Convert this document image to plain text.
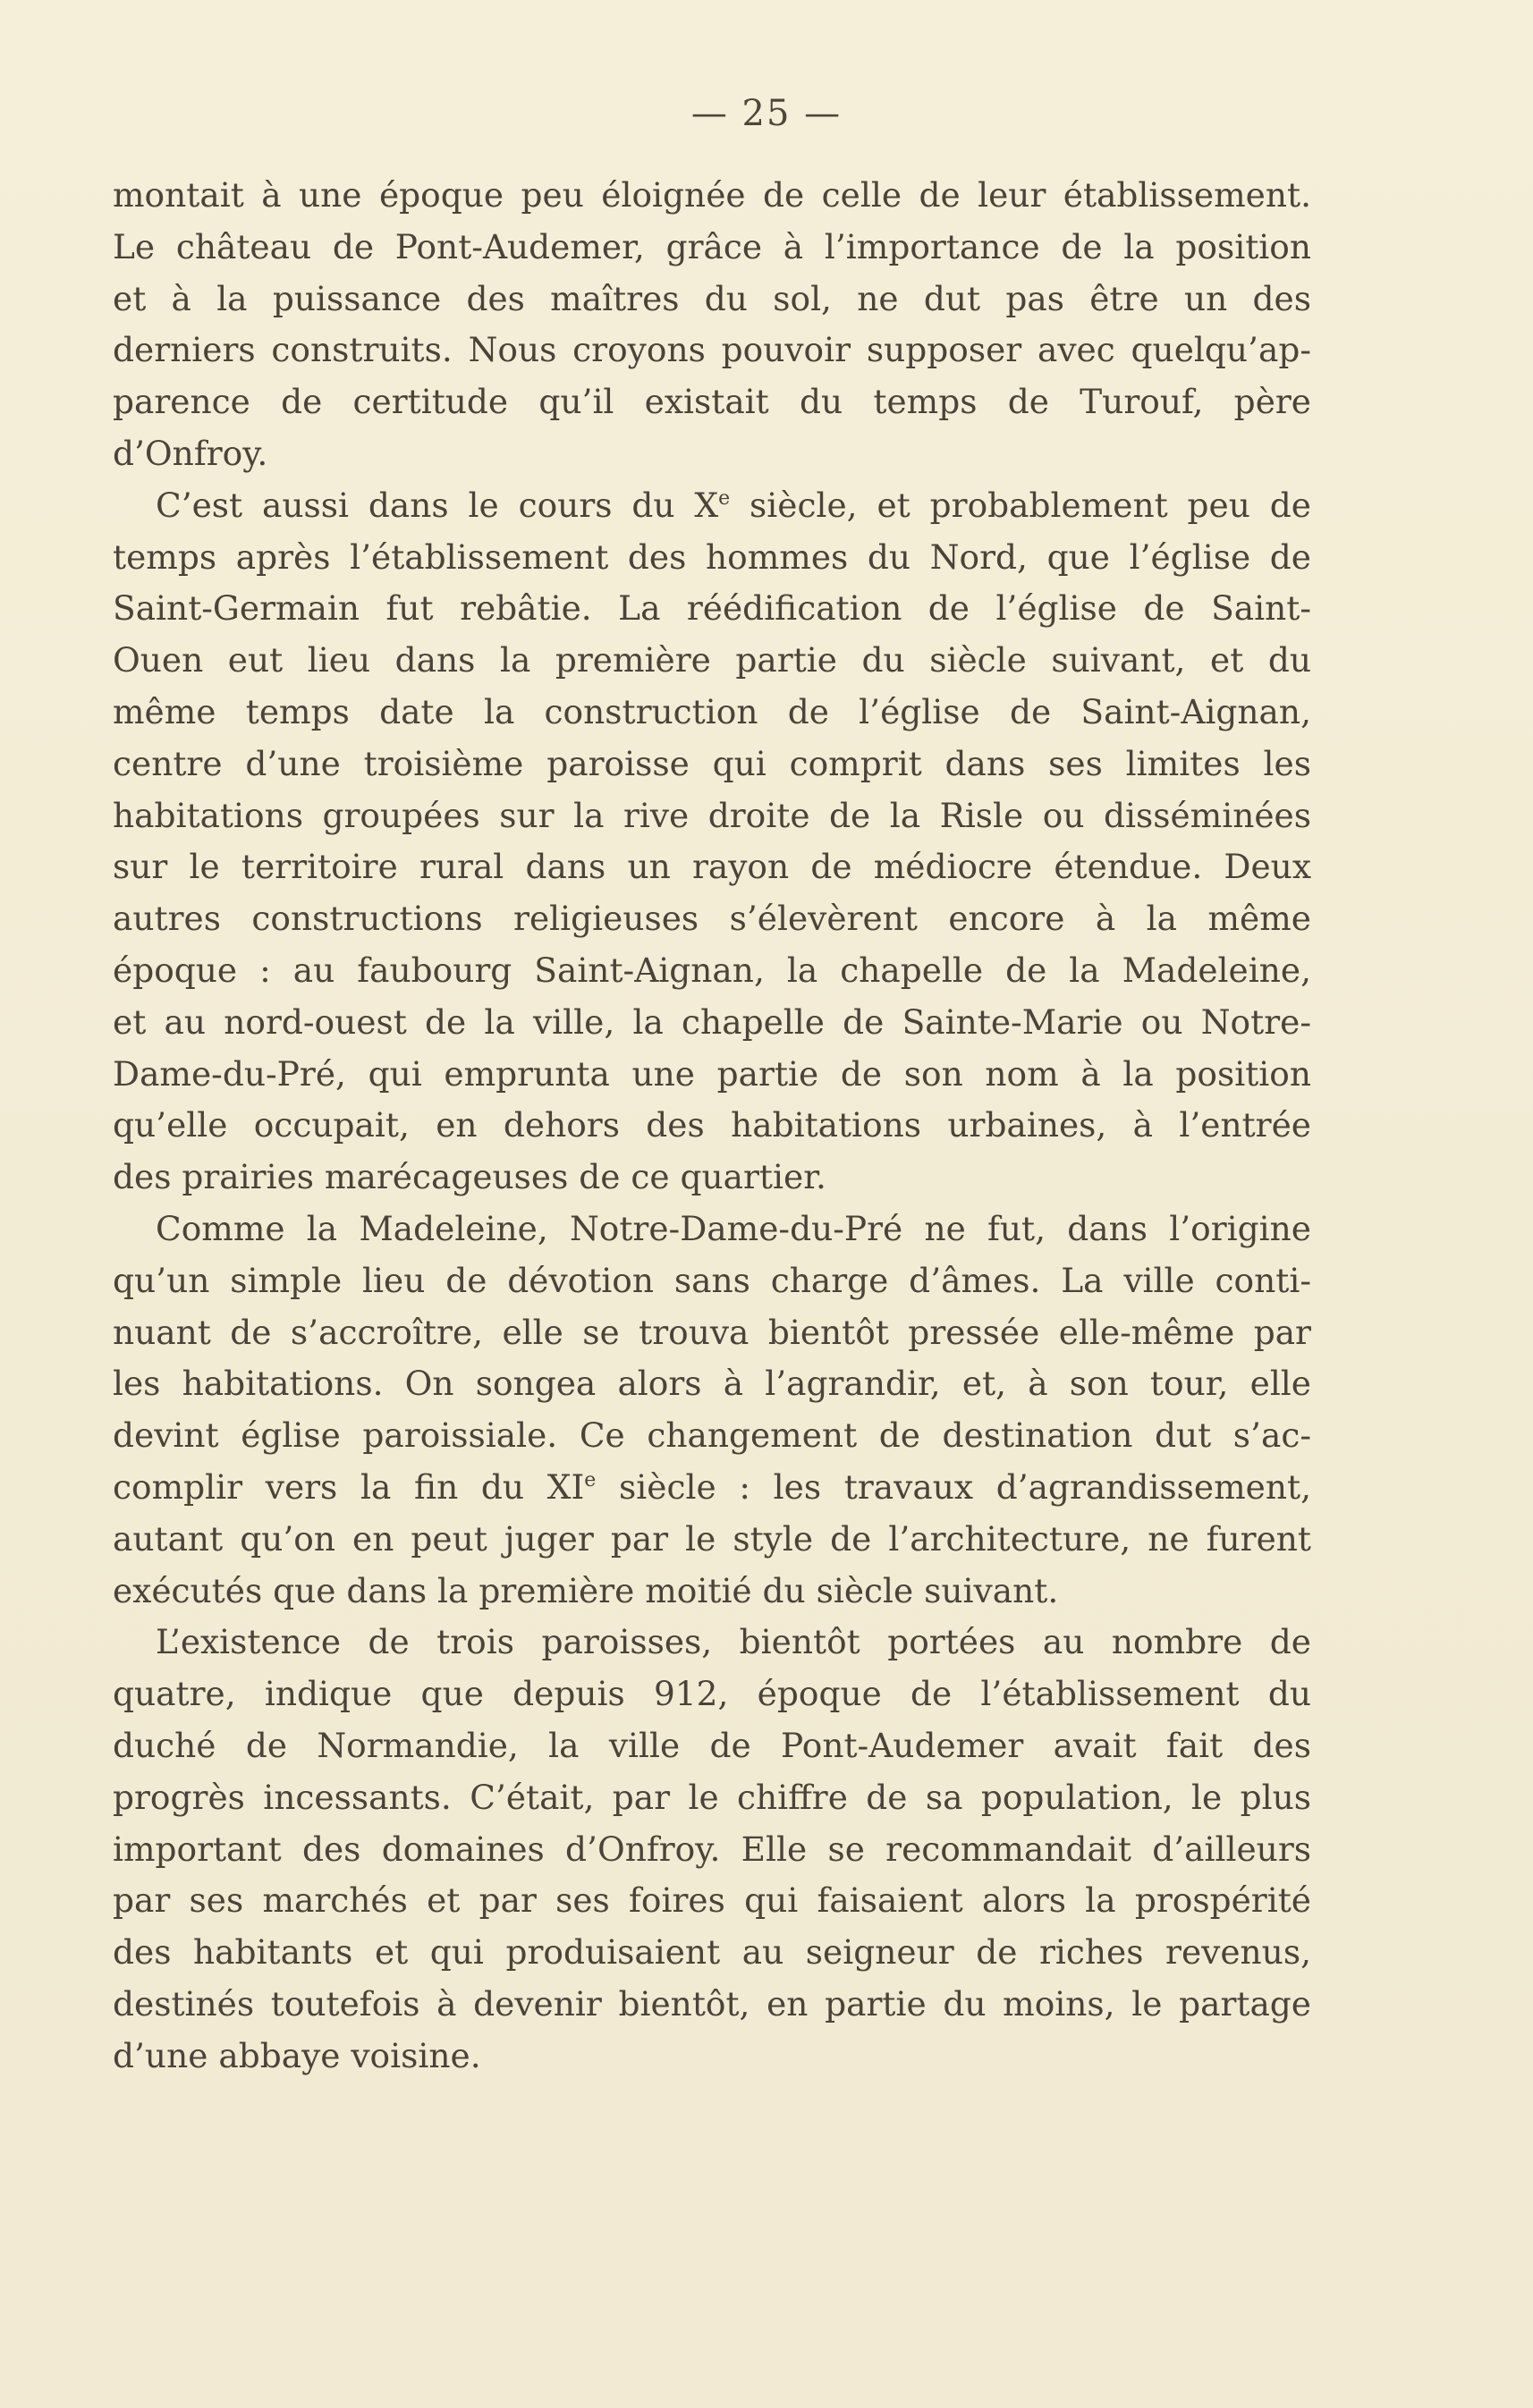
— 25 —
montait à une époque peu éloignée de celle de leur établissement.
Le château de Pont-Audemer, grâce à l’importance de la position
et à la puissance des maîtres du sol, ne dut pas être un des
derniers construits. Nous croyons pouvoir supposer avec quelqu’ap-
parence de certitude qu’il existait du temps de Turouf, père
d’Onfroy.
C’est aussi dans le cours du Xe siècle, et probablement peu de
temps après l’établissement des hommes du Nord, que l’église de
Saint-Germain fut rebâtie. La réédification de l’église de Saint-
Ouen eut lieu dans la première partie du siècle suivant, et du
même temps date la construction de l’église de Saint-Aignan,
centre d’une troisième paroisse qui comprit dans ses limites les
habitations groupées sur la rive droite de la Risle ou disséminées
sur le territoire rural dans un rayon de médiocre étendue. Deux
autres constructions religieuses s’élevèrent encore à la même
époque : au faubourg Saint-Aignan, la chapelle de la Madeleine,
et au nord-ouest de la ville, la chapelle de Sainte-Marie ou Notre-
Dame-du-Pré, qui emprunta une partie de son nom à la position
qu’elle occupait, en dehors des habitations urbaines, à l’entrée
des prairies marécageuses de ce quartier.
Comme la Madeleine, Notre-Dame-du-Pré ne fut, dans l’origine
qu’un simple lieu de dévotion sans charge d’âmes. La ville conti-
nuant de s’accroître, elle se trouva bientôt pressée elle-même par
les habitations. On songea alors à l’agrandir, et, à son tour, elle
devint église paroissiale. Ce changement de destination dut s’ac-
complir vers la fin du XIe siècle : les travaux d’agrandissement,
autant qu’on en peut juger par le style de l’architecture, ne furent
exécutés que dans la première moitié du siècle suivant.
L’existence de trois paroisses, bientôt portées au nombre de
quatre, indique que depuis 912, époque de l’établissement du
duché de Normandie, la ville de Pont-Audemer avait fait des
progrès incessants. C’était, par le chiffre de sa population, le plus
important des domaines d’Onfroy. Elle se recommandait d’ailleurs
par ses marchés et par ses foires qui faisaient alors la prospérité
des habitants et qui produisaient au seigneur de riches revenus,
destinés toutefois à devenir bientôt, en partie du moins, le partage
d’une abbaye voisine.
